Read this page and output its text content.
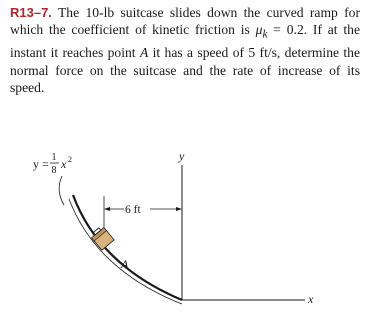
R13–7. The 10-lb suitcase slides down the curved ramp for which the coefficient of kinetic friction is $\mu_k = 0.2$. If at the instant it reaches point A it has a speed of 5 ft/s, determine the normal force on the suitcase and the rate of increase of its speed.
y = 1
8 x 2	y
x
6 ft
A
